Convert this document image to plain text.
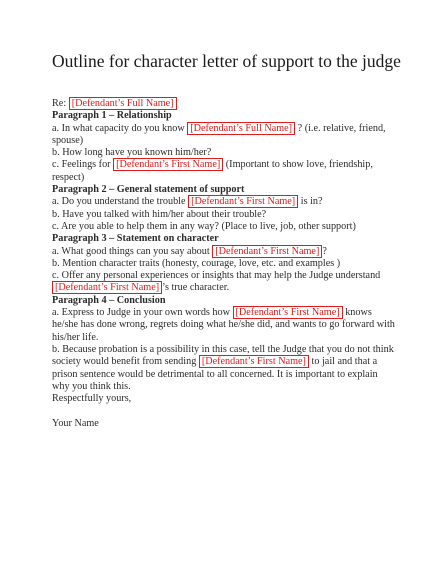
Outline for character letter of support to the judge

Re: [Defendant’s Full Name]

Paragraph 1 – Relationship

a. In what capacity do you know [Defendant’s Full Name] ? (i.e. relative, friend, spouse)

b. How long have you known him/her?

c. Feelings for [Defendant’s First Name] (Important to show love, friendship, respect)

Paragraph 2 – General statement of support

a. Do you understand the trouble [Defendant’s First Name] is in?

b. Have you talked with him/her about their trouble?

c. Are you able to help them in any way? (Place to live, job, other support)

Paragraph 3 – Statement on character

a. What good things can you say about [Defendant’s First Name] ?

b. Mention character traits (honesty, courage, love, etc. and examples )

c. Offer any personal experiences or insights that may help the Judge understand [Defendant’s First Name] ’s true character.

Paragraph 4 – Conclusion

a. Express to Judge in your own words how [Defendant’s First Name] knows he/she has done wrong, regrets doing what he/she did, and wants to go forward with his/her life.

b. Because probation is a possibility in this case, tell the Judge that you do not think society would benefit from sending [Defendant’s First Name] to jail and that a prison sentence would be detrimental to all concerned. It is important to explain why you think this.

Respectfully yours,

Your Name
